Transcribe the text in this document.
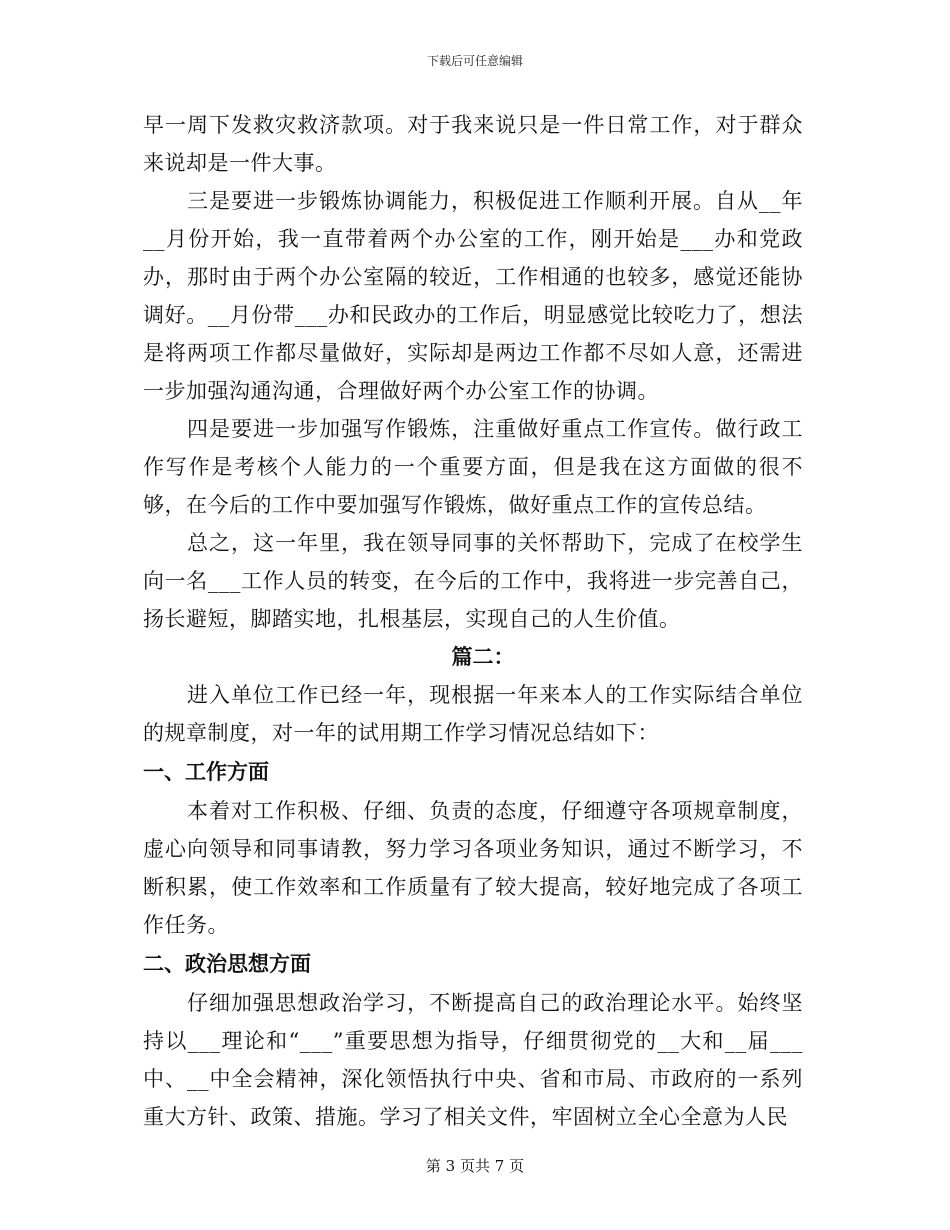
下载后可任意编辑

早一周下发救灾救济款项。对于我来说只是一件日常工作，对于群众来说却是一件大事。

三是要进一步锻炼协调能力，积极促进工作顺利开展。自从__年__月份开始，我一直带着两个办公室的工作，刚开始是___办和党政办，那时由于两个办公室隔的较近，工作相通的也较多，感觉还能协调好。__月份带___办和民政办的工作后，明显感觉比较吃力了，想法是将两项工作都尽量做好，实际却是两边工作都不尽如人意，还需进一步加强沟通沟通，合理做好两个办公室工作的协调。

四是要进一步加强写作锻炼，注重做好重点工作宣传。做行政工作写作是考核个人能力的一个重要方面，但是我在这方面做的很不够，在今后的工作中要加强写作锻炼，做好重点工作的宣传总结。

总之，这一年里，我在领导同事的关怀帮助下，完成了在校学生向一名___工作人员的转变，在今后的工作中，我将进一步完善自己，扬长避短，脚踏实地，扎根基层，实现自己的人生价值。

篇二：

进入单位工作已经一年，现根据一年来本人的工作实际结合单位的规章制度，对一年的试用期工作学习情况总结如下：

一、工作方面

本着对工作积极、仔细、负责的态度，仔细遵守各项规章制度，虚心向领导和同事请教，努力学习各项业务知识，通过不断学习，不断积累，使工作效率和工作质量有了较大提高，较好地完成了各项工作任务。

二、政治思想方面

仔细加强思想政治学习，不断提高自己的政治理论水平。始终坚持以___理论和“___”重要思想为指导，仔细贯彻党的__大和__届___中、__中全会精神，深化领悟执行中央、省和市局、市政府的一系列重大方针、政策、措施。学习了相关文件，牢固树立全心全意为人民

第 3 页共 7 页
